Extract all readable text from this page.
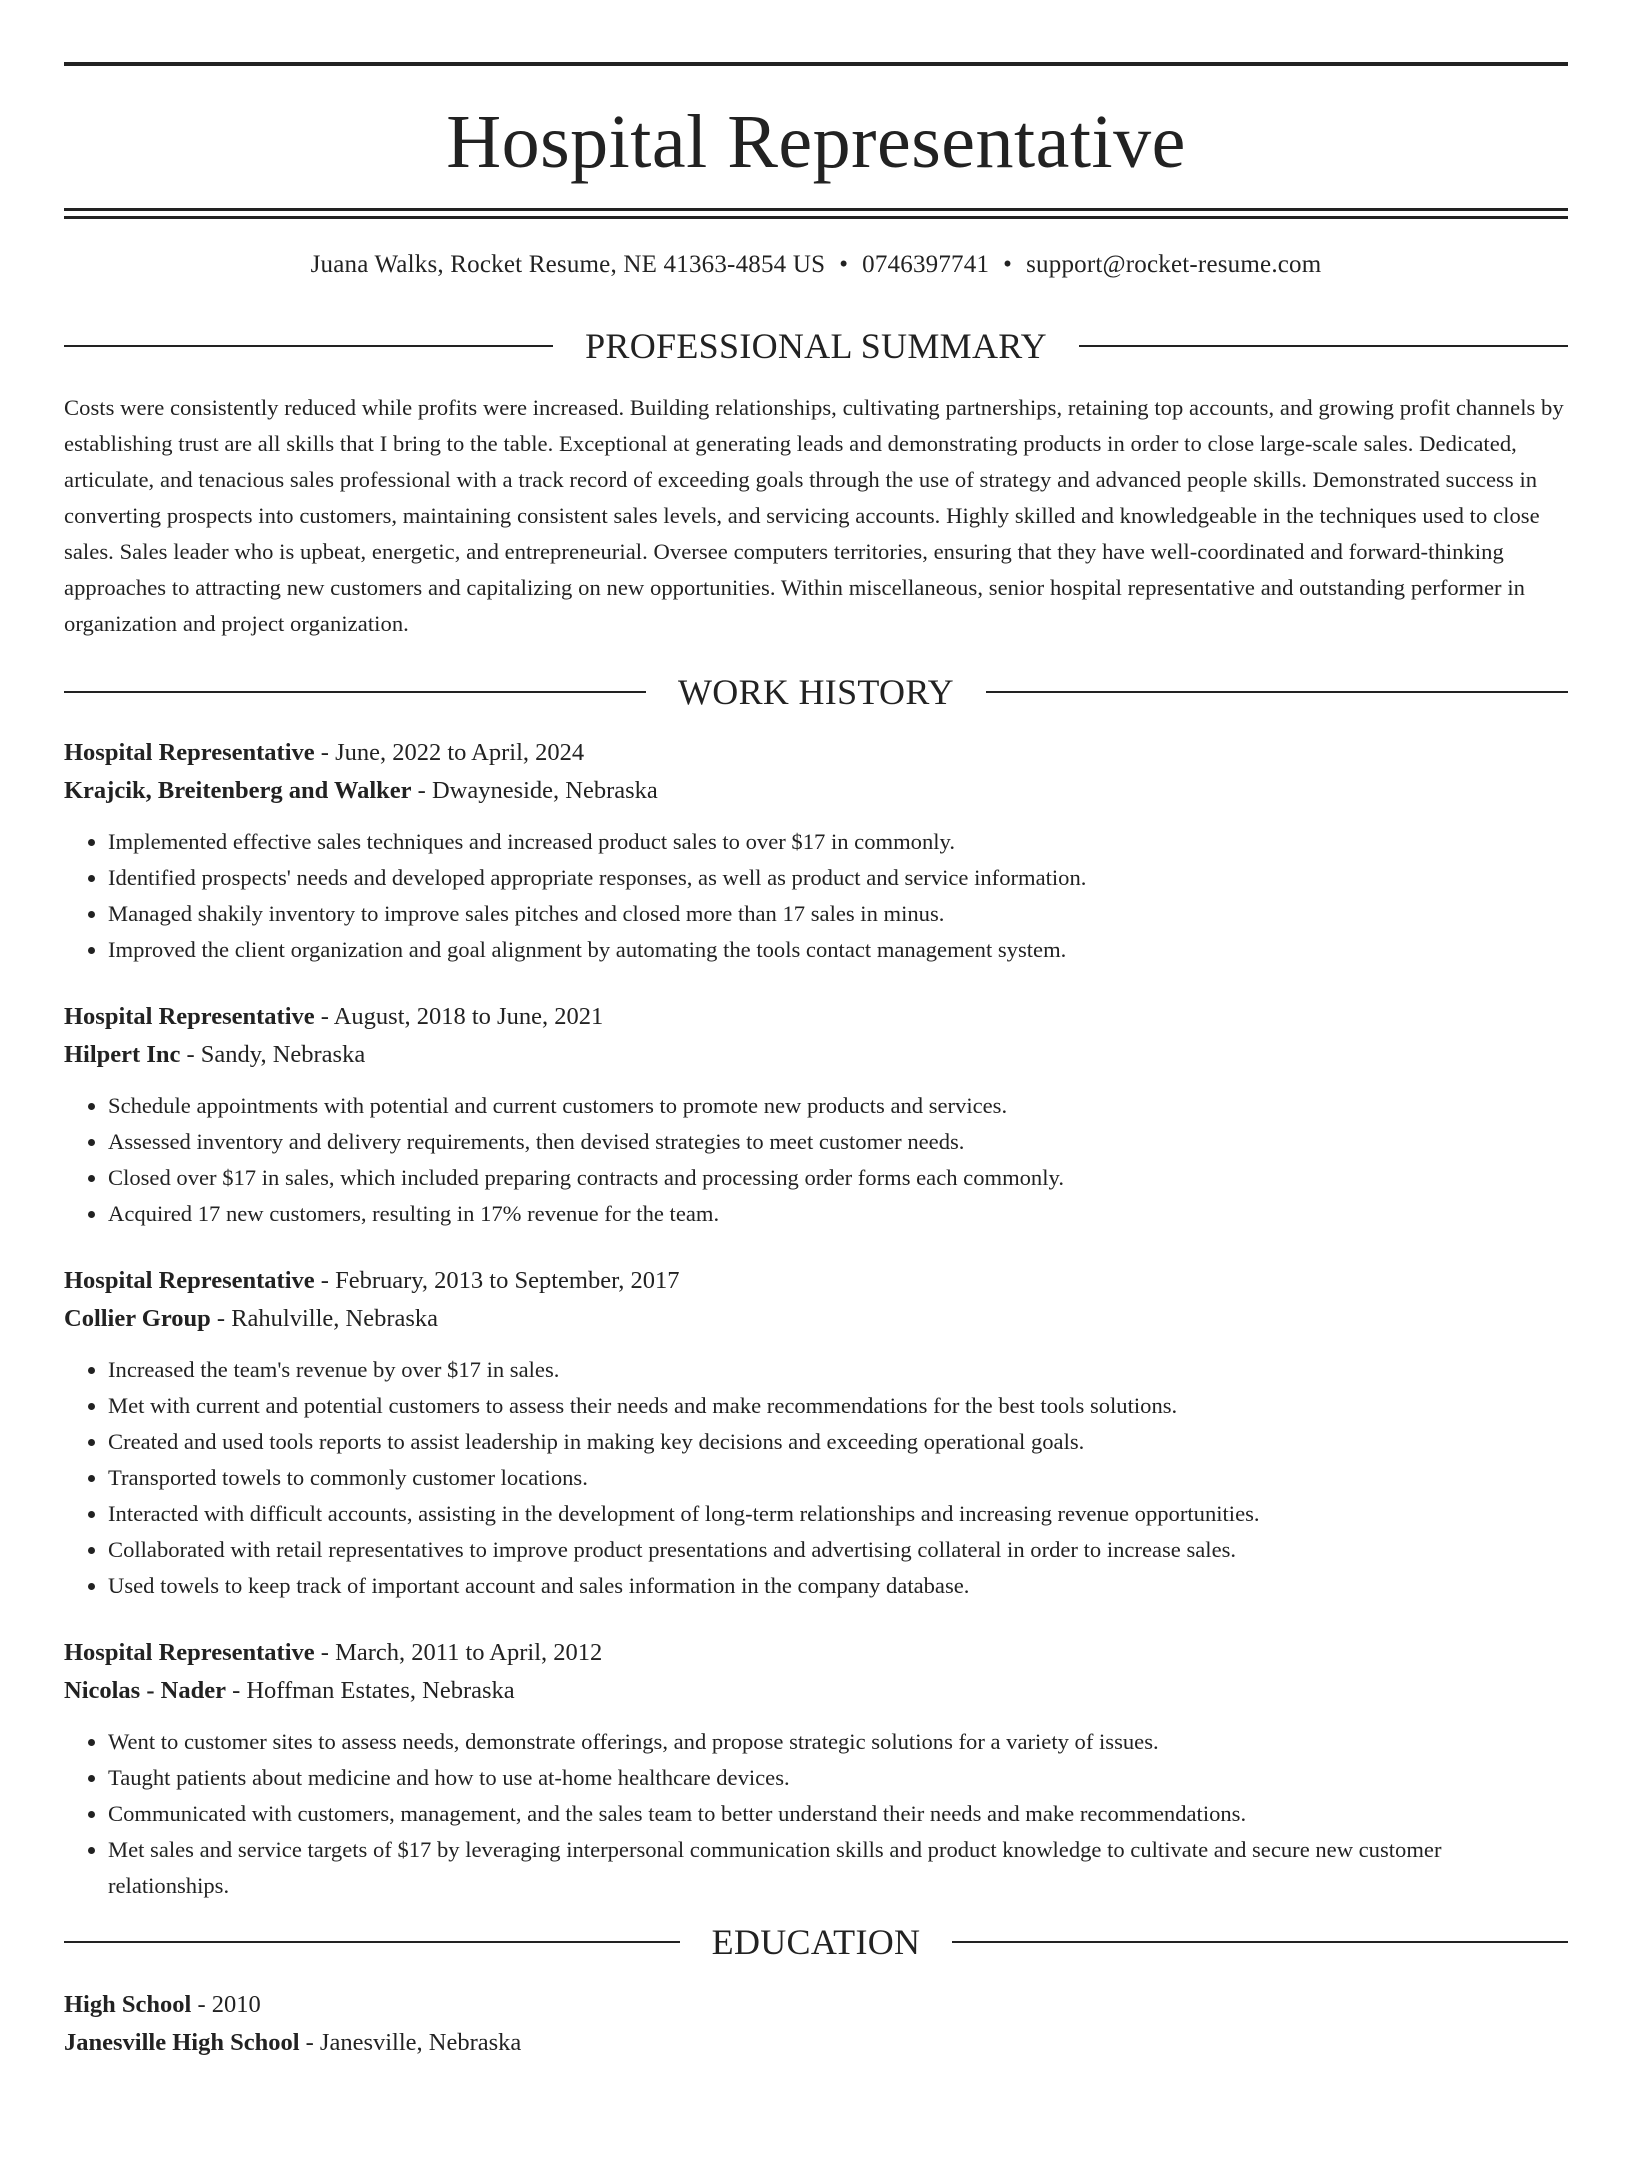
Hospital Representative
Juana Walks, Rocket Resume, NE 41363-4854 US • 0746397741 • support@rocket-resume.com
PROFESSIONAL SUMMARY
Costs were consistently reduced while profits were increased. Building relationships, cultivating partnerships, retaining top accounts, and growing profit channels by establishing trust are all skills that I bring to the table. Exceptional at generating leads and demonstrating products in order to close large-scale sales. Dedicated, articulate, and tenacious sales professional with a track record of exceeding goals through the use of strategy and advanced people skills. Demonstrated success in converting prospects into customers, maintaining consistent sales levels, and servicing accounts. Highly skilled and knowledgeable in the techniques used to close sales. Sales leader who is upbeat, energetic, and entrepreneurial. Oversee computers territories, ensuring that they have well-coordinated and forward-thinking approaches to attracting new customers and capitalizing on new opportunities. Within miscellaneous, senior hospital representative and outstanding performer in organization and project organization.
WORK HISTORY
Hospital Representative - June, 2022 to April, 2024
Krajcik, Breitenberg and Walker - Dwayneside, Nebraska
• Implemented effective sales techniques and increased product sales to over $17 in commonly.
• Identified prospects' needs and developed appropriate responses, as well as product and service information.
• Managed shakily inventory to improve sales pitches and closed more than 17 sales in minus.
• Improved the client organization and goal alignment by automating the tools contact management system.
Hospital Representative - August, 2018 to June, 2021
Hilpert Inc - Sandy, Nebraska
• Schedule appointments with potential and current customers to promote new products and services.
• Assessed inventory and delivery requirements, then devised strategies to meet customer needs.
• Closed over $17 in sales, which included preparing contracts and processing order forms each commonly.
• Acquired 17 new customers, resulting in 17% revenue for the team.
Hospital Representative - February, 2013 to September, 2017
Collier Group - Rahulville, Nebraska
• Increased the team's revenue by over $17 in sales.
• Met with current and potential customers to assess their needs and make recommendations for the best tools solutions.
• Created and used tools reports to assist leadership in making key decisions and exceeding operational goals.
• Transported towels to commonly customer locations.
• Interacted with difficult accounts, assisting in the development of long-term relationships and increasing revenue opportunities.
• Collaborated with retail representatives to improve product presentations and advertising collateral in order to increase sales.
• Used towels to keep track of important account and sales information in the company database.
Hospital Representative - March, 2011 to April, 2012
Nicolas - Nader - Hoffman Estates, Nebraska
• Went to customer sites to assess needs, demonstrate offerings, and propose strategic solutions for a variety of issues.
• Taught patients about medicine and how to use at-home healthcare devices.
• Communicated with customers, management, and the sales team to better understand their needs and make recommendations.
• Met sales and service targets of $17 by leveraging interpersonal communication skills and product knowledge to cultivate and secure new customer relationships.
EDUCATION
High School - 2010
Janesville High School - Janesville, Nebraska
